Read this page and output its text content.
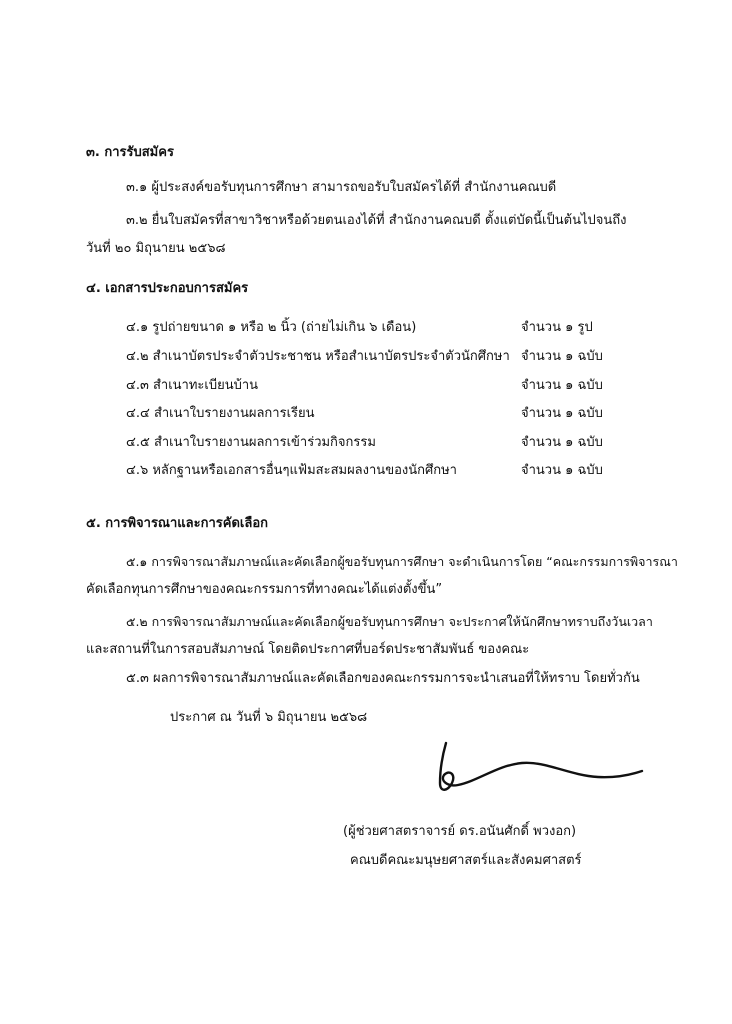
๓. การรับสมัคร
๓.๑ ผู้ประสงค์ขอรับทุนการศึกษา สามารถขอรับใบสมัครได้ที่ สำนักงานคณบดี
๓.๒ ยื่นใบสมัครที่สาขาวิชาหรือด้วยตนเองได้ที่ สำนักงานคณบดี ตั้งแต่บัดนี้เป็นต้นไปจนถึง
วันที่ ๒๐ มิถุนายน ๒๕๖๘
๔. เอกสารประกอบการสมัคร
๔.๑ รูปถ่ายขนาด ๑ หรือ ๒ นิ้ว (ถ่ายไม่เกิน ๖ เดือน)	จำนวน ๑ รูป
๔.๒ สำเนาบัตรประจำตัวประชาชน หรือสำเนาบัตรประจำตัวนักศึกษา จำนวน ๑ ฉบับ
๔.๓ สำเนาทะเบียนบ้าน	จำนวน ๑ ฉบับ
๔.๔ สำเนาใบรายงานผลการเรียน	จำนวน ๑ ฉบับ
๔.๕ สำเนาใบรายงานผลการเข้าร่วมกิจกรรม	จำนวน ๑ ฉบับ
๔.๖ หลักฐานหรือเอกสารอื่นๆแฟ้มสะสมผลงานของนักศึกษา	จำนวน ๑ ฉบับ
๕. การพิจารณาและการคัดเลือก
๕.๑ การพิจารณาสัมภาษณ์และคัดเลือกผู้ขอรับทุนการศึกษา จะดำเนินการโดย “คณะกรรมการพิจารณา
คัดเลือกทุนการศึกษาของคณะกรรมการที่ทางคณะได้แต่งตั้งขึ้น”
๕.๒ การพิจารณาสัมภาษณ์และคัดเลือกผู้ขอรับทุนการศึกษา จะประกาศให้นักศึกษาทราบถึงวันเวลา
และสถานที่ในการสอบสัมภาษณ์ โดยติดประกาศที่บอร์ดประชาสัมพันธ์ ของคณะ
๕.๓ ผลการพิจารณาสัมภาษณ์และคัดเลือกของคณะกรรมการจะนำเสนอที่ให้ทราบ โดยทั่วกัน
ประกาศ ณ วันที่ ๖ มิถุนายน ๒๕๖๘
(ผู้ช่วยศาสตราจารย์ ดร.อนันศักดิ์ พวงอก)
คณบดีคณะมนุษยศาสตร์และสังคมศาสตร์
